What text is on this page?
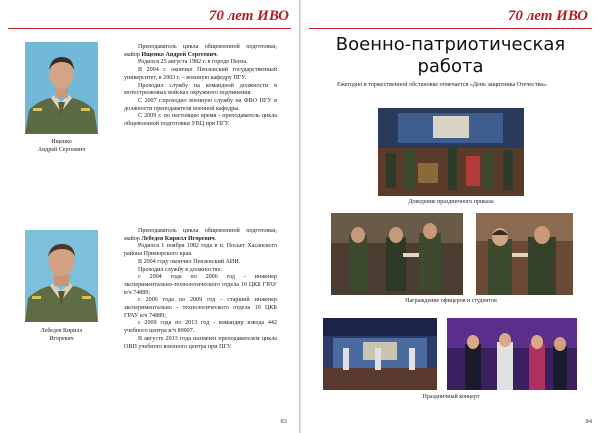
70 лет ИВО
Ищенко
Андрей Сергеевич

Преподаватель цикла общевоенной подготовки, майор Ищенко Андрей Сергеевич.

Родился 25 августа 1982 г. в городе Пенза.

В 2004 г. окончил Пензенский государственный университет, в 2003 г. – военную кафедру ПГУ.

Проходил службу на командной должности в мотострелковых войсках окружного подчинения.

С 2007 г.проходил военную службу на ФВО ПГУ в должности преподавателя военной кафедры.

С 2009 г. по настоящее время - преподаватель цикла общевоенной подготовки УВЦ при ПГУ.

Лебедев Кирилл
Игоревич

Преподаватель цикла общевоенной подготовки, майор Лебедев Кирилл Игоревич.

Родился 1 ноября 1982 года в п. Посьет Хасанского района Приморского края.

В 2004 году окончил Пензенский АИИ.

Проходил службу в должностях:

с 2004 года по 2006 год - инженер экспериментально-технологического отдела 10 ЦКБ ГРАУ в/ч 74889;

с 2006 года по 2009 год - старший инженер экспериментально - технологического отдела 10 ЦКБ ГРАУ в/ч 74889;

с 2009 года по 2013 год - командир взвода 442 учебного центра в/ч 80007.

В августе 2013 года назначен преподавателем цикла ОВП учебного военного центра при ПГУ.

83
70 лет ИВО
Военно-патриотическая
работа

Ежегодно в торжественной обстановке отмечается «День защитника Отечества».

Доведение праздничного приказа
Награждение офицеров и студентов
Праздничный концерт
84
